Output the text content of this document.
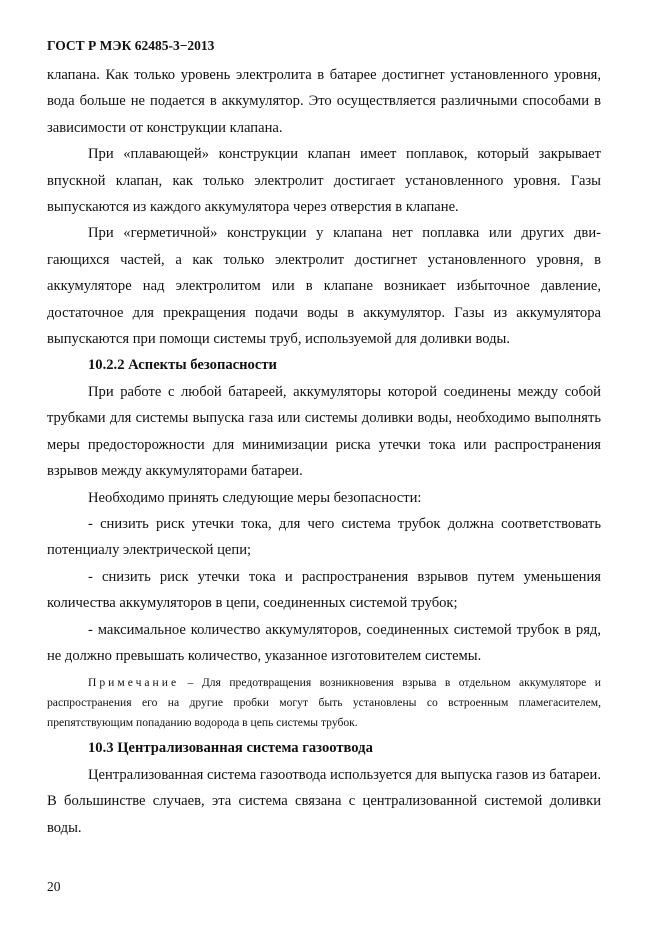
ГОСТ Р МЭК 62485-3−2013

клапана. Как только уровень электролита в батарее достигнет установленного уровня, вода больше не подается в аккумулятор. Это осуществляется различными способами в зависимости от конструкции клапана.

При «плавающей» конструкции клапан имеет поплавок, который закрывает впускной клапан, как только электролит достигает установленного уровня. Газы выпускаются из каждого аккумулятора через отверстия в клапане.

При «герметичной» конструкции у клапана нет поплавка или других двигающихся частей, а как только электролит достигнет установленного уровня, в аккумуляторе над электролитом или в клапане возникает избыточное давление, достаточное для прекращения подачи воды в аккумулятор. Газы из аккумулятора выпускаются при помощи системы труб, используемой для доливки воды.

10.2.2 Аспекты безопасности

При работе с любой батареей, аккумуляторы которой соединены между собой трубками для системы выпуска газа или системы доливки воды, необходимо выполнять меры предосторожности для минимизации риска утечки тока или распространения взрывов между аккумуляторами батареи.

Необходимо принять следующие меры безопасности:

- снизить риск утечки тока, для чего система трубок должна соответствовать потенциалу электрической цепи;

- снизить риск утечки тока и распространения взрывов путем уменьшения количества аккумуляторов в цепи, соединенных системой трубок;

- максимальное количество аккумуляторов, соединенных системой трубок в ряд, не должно превышать количество, указанное изготовителем системы.

Примечание – Для предотвращения возникновения взрыва в отдельном аккумуляторе и распространения его на другие пробки могут быть установлены со встроенным пламегасителем, препятствующим попаданию водорода в цепь системы трубок.
10.3 Централизованная система газоотвода

Централизованная система газоотвода используется для выпуска газов из батареи. В большинстве случаев, эта система связана с централизованной системой доливки воды.

20
